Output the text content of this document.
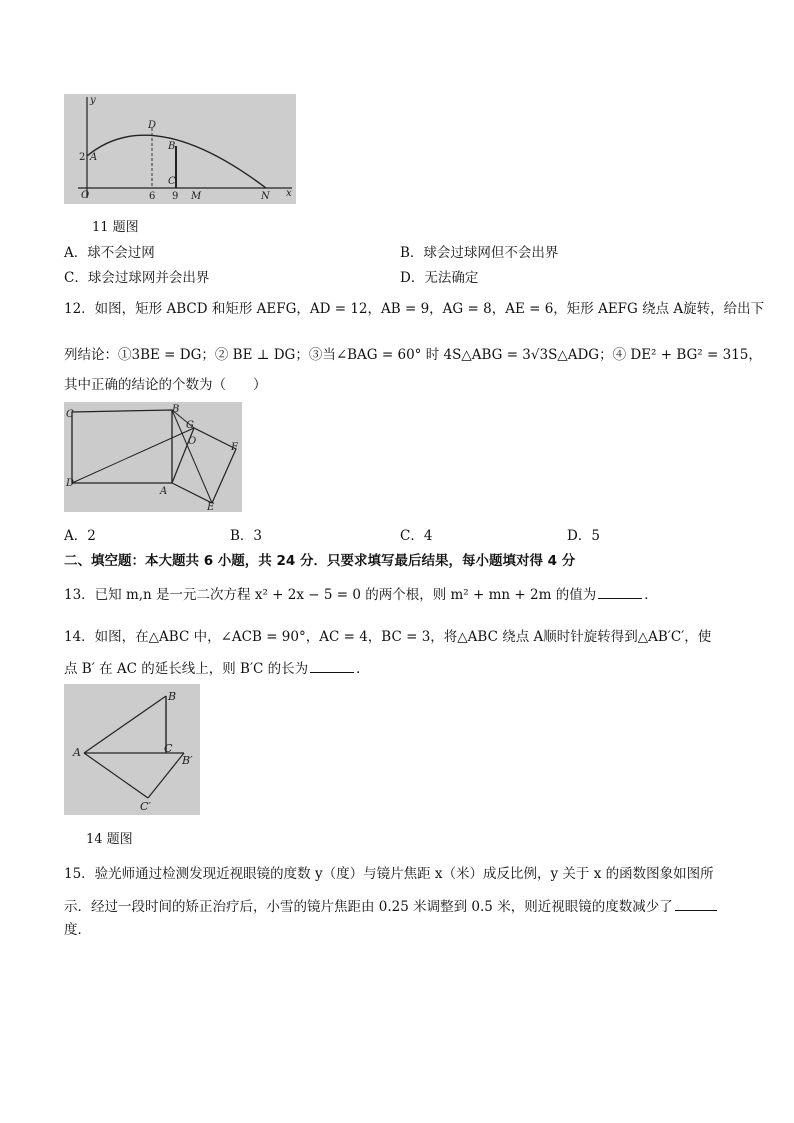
y
x
2 A
D
B
C
O	6 9 M	N
11 题图
A．球不会过网	B．球会过球网但不会出界
C．球会过球网并会出界	D．无法确定
12．如图，矩形 ABCD 和矩形 AEFG，AD = 12，AB = 9，AG = 8，AE = 6，矩形 AEFG 绕点 A旋转，给出下
列结论：①3BE = DG；② BE ⊥ DG；③当∠BAG = 60° 时 4S△ABG = 3√3S△ADG；④ DE² + BG² = 315，
其中正确的结论的个数为（　　）
C	B
G
O
F
D
A
E
A．2	B．3	C．4	D．5
二、填空题：本大题共 6 小题，共 24 分．只要求填写最后结果，每小题填对得 4 分
13．已知 m,n 是一元二次方程 x² + 2x − 5 = 0 的两个根，则 m² + mn + 2m 的值为	．
14．如图，在△ABC 中，∠ACB = 90°，AC = 4，BC = 3，将△ABC 绕点 A顺时针旋转得到△AB′C′，使
点 B′ 在 AC 的延长线上，则 B′C 的长为	．
B
A	C
B′
C′
14 题图
15．验光师通过检测发现近视眼镜的度数 y（度）与镜片焦距 x（米）成反比例，y 关于 x 的函数图象如图所
示．经过一段时间的矫正治疗后，小雪的镜片焦距由 0.25 米调整到 0.5 米，则近视眼镜的度数减少了
度．
